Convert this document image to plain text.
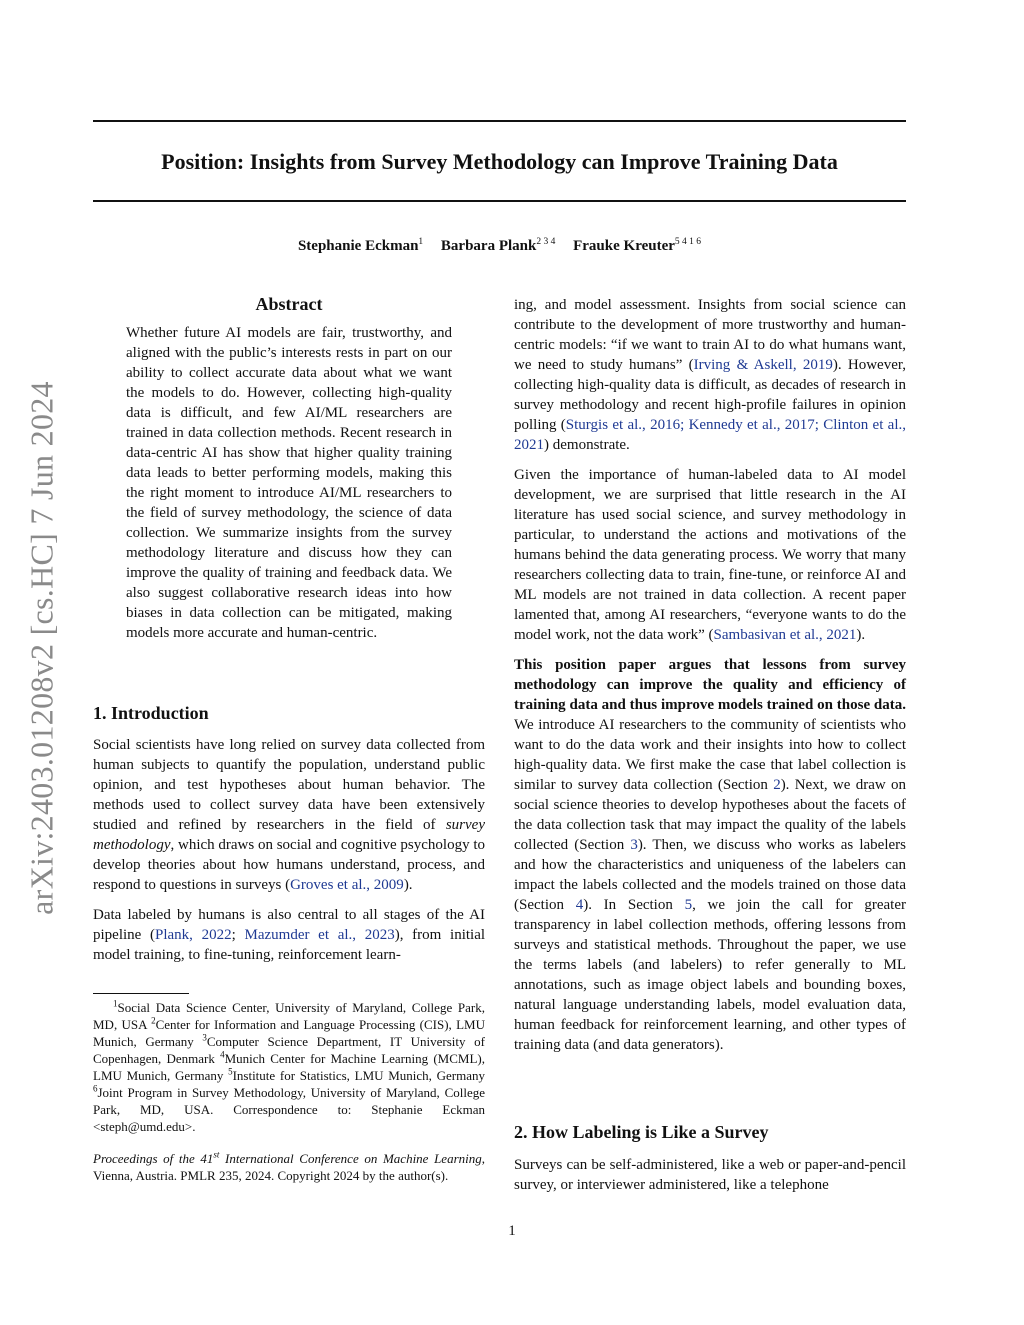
Position: Insights from Survey Methodology can Improve Training Data
Stephanie Eckman$^1$ Barbara Plank$^{2 3 4}$ Frauke Kreuter$^{5 4 1 6}$
arXiv:2403.01208v2 [cs.HC] 7 Jun 2024
Abstract

Whether future AI models are fair, trustworthy, and aligned with the public’s interests rests in part on our ability to collect accurate data about what we want the models to do. However, collecting high-quality data is difficult, and few AI/ML researchers are trained in data collection methods. Recent research in data-centric AI has show that higher quality training data leads to better performing models, making this the right moment to introduce AI/ML researchers to the field of survey methodology, the science of data collection. We summarize insights from the survey methodology literature and discuss how they can improve the quality of training and feedback data. We also suggest collaborative research ideas into how biases in data collection can be mitigated, making models more accurate and human-centric.

1. Introduction

Social scientists have long relied on survey data collected from human subjects to quantify the population, understand public opinion, and test hypotheses about human behavior. The methods used to collect survey data have been extensively studied and refined by researchers in the field of survey methodology, which draws on social and cognitive psychology to develop theories about how humans understand, process, and respond to questions in surveys (Groves et al., 2009).

Data labeled by humans is also central to all stages of the AI pipeline (Plank, 2022; Mazumder et al., 2023), from initial model training, to fine-tuning, reinforcement learn-

$^1$Social Data Science Center, University of Maryland, College Park, MD, USA $^2$Center for Information and Language Processing (CIS), LMU Munich, Germany $^3$Computer Science Department, IT University of Copenhagen, Denmark $^4$Munich Center for Machine Learning (MCML), LMU Munich, Germany $^5$Institute for Statistics, LMU Munich, Germany $^6$Joint Program in Survey Methodology, University of Maryland, College Park, MD, USA. Correspondence to: Stephanie Eckman <steph@umd.edu>.
Proceedings of the 41st International Conference on Machine Learning, Vienna, Austria. PMLR 235, 2024. Copyright 2024 by the author(s).

ing, and model assessment. Insights from social science can contribute to the development of more trustworthy and human-centric models: “if we want to train AI to do what humans want, we need to study humans” (Irving & Askell, 2019). However, collecting high-quality data is difficult, as decades of research in survey methodology and recent high-profile failures in opinion polling (Sturgis et al., 2016; Kennedy et al., 2017; Clinton et al., 2021) demonstrate.

Given the importance of human-labeled data to AI model development, we are surprised that little research in the AI literature has used social science, and survey methodology in particular, to understand the actions and motivations of the humans behind the data generating process. We worry that many researchers collecting data to train, fine-tune, or reinforce AI and ML models are not trained in data collection. A recent paper lamented that, among AI researchers, “everyone wants to do the model work, not the data work” (Sambasivan et al., 2021).

This position paper argues that lessons from survey methodology can improve the quality and efficiency of training data and thus improve models trained on those data. We introduce AI researchers to the community of scientists who want to do the data work and their insights into how to collect high-quality data. We first make the case that label collection is similar to survey data collection (Section 2). Next, we draw on social science theories to develop hypotheses about the facets of the data collection task that may impact the quality of the labels collected (Section 3). Then, we discuss who works as labelers and how the characteristics and uniqueness of the labelers can impact the labels collected and the models trained on those data (Section 4). In Section 5, we join the call for greater transparency in label collection methods, offering lessons from surveys and statistical methods. Throughout the paper, we use the terms labels (and labelers) to refer generally to ML annotations, such as image object labels and bounding boxes, natural language understanding labels, model evaluation data, human feedback for reinforcement learning, and other types of training data (and data generators).

2. How Labeling is Like a Survey

Surveys can be self-administered, like a web or paper-and-pencil survey, or interviewer administered, like a telephone

1
